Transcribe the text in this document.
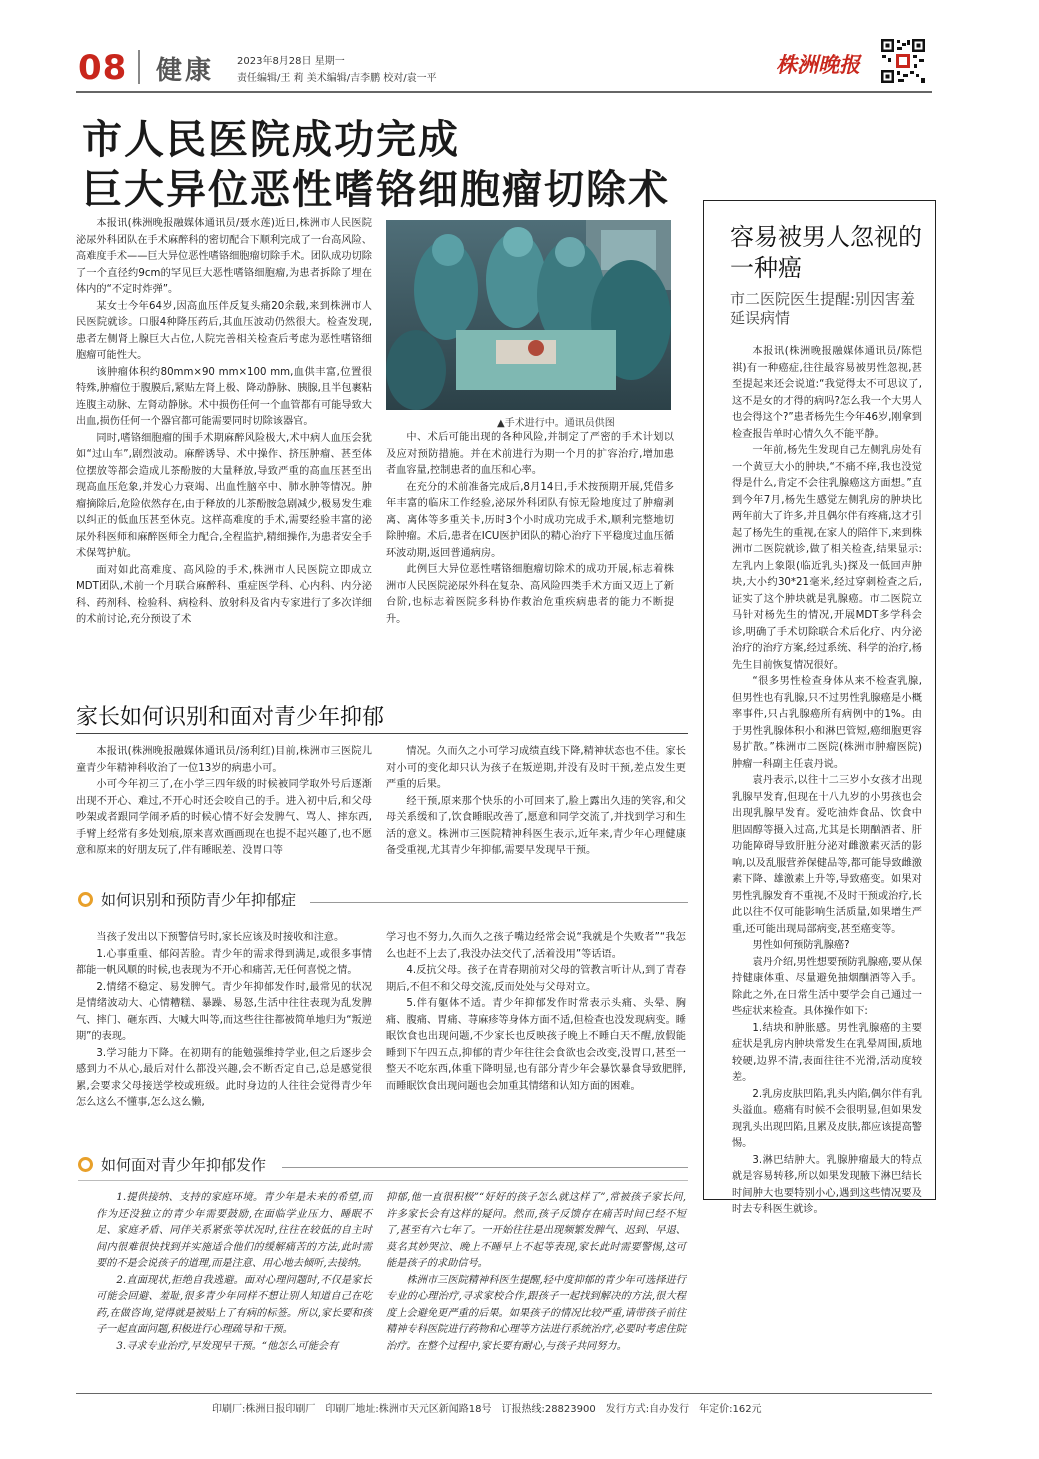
08 健康 2023年8月28日 星期一
责任编辑/王 莉 美术编辑/吉李鹏 校对/袁一平
株洲晚报
市人民医院成功完成
巨大异位恶性嗜铬细胞瘤切除术

本报讯(株洲晚报融媒体通讯员/聂水莲)近日,株洲市人民医院泌尿外科团队在手术麻醉科的密切配合下顺利完成了一台高风险、高难度手术——巨大异位恶性嗜铬细胞瘤切除手术。团队成功切除了一个直径约9cm的罕见巨大恶性嗜铬细胞瘤,为患者拆除了埋在体内的“不定时炸弹”。

某女士今年64岁,因高血压伴反复头痛20余载,来到株洲市人民医院就诊。口服4种降压药后,其血压波动仍然很大。检查发现,患者左侧肾上腺巨大占位,人院完善相关检查后考虑为恶性嗜铬细胞瘤可能性大。

该肿瘤体积约80mm×90 mm×100 mm,血供丰富,位置很特殊,肿瘤位于腹膜后,紧贴左肾上极、降动静脉、胰腺,且半包裹粘连腹主动脉、左肾动静脉。术中损伤任何一个血管都有可能导致大出血,损伤任何一个器官都可能需要同时切除该器官。

同时,嗜铬细胞瘤的围手术期麻醉风险极大,术中病人血压会犹如“过山车”,剧烈波动。麻醉诱导、术中操作、挤压肿瘤、甚至体位摆放等都会造成儿茶酚胺的大量释放,导致严重的高血压甚至出现高血压危象,并发心力衰竭、出血性脑卒中、肺水肿等情况。肿瘤摘除后,危险依然存在,由于释放的儿茶酚胺急剧减少,极易发生难以纠正的低血压甚至休克。这样高难度的手术,需要经验丰富的泌尿外科医师和麻醉医师全力配合,全程监护,精细操作,为患者安全手术保驾护航。

面对如此高难度、高风险的手术,株洲市人民医院立即成立MDT团队,术前一个月联合麻醉科、重症医学科、心内科、内分泌科、药剂科、检验科、病检科、放射科及省内专家进行了多次详细的术前讨论,充分预设了术

▲手术进行中。通讯员供图

中、术后可能出现的各种风险,并制定了严密的手术计划以及应对预防措施。并在术前进行为期一个月的扩容治疗,增加患者血容量,控制患者的血压和心率。

在充分的术前准备完成后,8月14日,手术按预期开展,凭借多年丰富的临床工作经验,泌尿外科团队有惊无险地度过了肿瘤剥离、离体等多重关卡,历时3个小时成功完成手术,顺利完整地切除肿瘤。术后,患者在ICU医护团队的精心治疗下平稳度过血压循环波动期,返回普通病房。

此例巨大异位恶性嗜铬细胞瘤切除术的成功开展,标志着株洲市人民医院泌尿外科在复杂、高风险四类手术方面又迈上了新台阶,也标志着医院多科协作救治危重疾病患者的能力不断提升。

容易被男人忽视的一种癌
市二医院医生提醒:别因害羞延误病情

本报讯(株洲晚报融媒体通讯员/陈恺祺)有一种癌症,往往最容易被男性忽视,甚至提起来还会说道:“我觉得太不可思议了,这不是女的才得的病吗?怎么我一个大男人也会得这个?”患者杨先生今年46岁,刚拿到检查报告单时心情久久不能平静。

一年前,杨先生发现自己左侧乳房处有一个黄豆大小的肿块,“不痛不痒,我也没觉得是什么,肯定不会往乳腺癌这方面想。”直到今年7月,杨先生感觉左侧乳房的肿块比两年前大了许多,并且偶尔伴有疼痛,这才引起了杨先生的重视,在家人的陪伴下,来到株洲市二医院就诊,做了相关检查,结果显示:左乳内上象限(临近乳头)探及一低回声肿块,大小约30*21毫米,经过穿刺检查之后,证实了这个肿块就是乳腺癌。市二医院立马针对杨先生的情况,开展MDT多学科会诊,明确了手术切除联合术后化疗、内分泌治疗的治疗方案,经过系统、科学的治疗,杨先生目前恢复情况很好。

“很多男性检查身体从来不检查乳腺,但男性也有乳腺,只不过男性乳腺癌是小概率事件,只占乳腺癌所有病例中的1%。由于男性乳腺体积小和淋巴管短,癌细胞更容易扩散。”株洲市二医院(株洲市肿瘤医院)肿瘤一科副主任袁丹说。

袁丹表示,以往十二三岁小女孩才出现乳腺早发育,但现在十八九岁的小男孩也会出现乳腺早发育。爱吃油炸食品、饮食中胆固醇等摄入过高,尤其是长期酗酒者、肝功能障碍导致肝脏分泌对雌激素灭活的影响,以及乱服营养保健品等,都可能导致雌激素下降、雄激素上升等,导致癌变。如果对男性乳腺发育不重视,不及时干预或治疗,长此以往不仅可能影响生活质量,如果增生严重,还可能出现局部病变,甚至癌变等。

男性如何预防乳腺癌?

袁丹介绍,男性想要预防乳腺癌,要从保持健康体重、尽量避免抽烟酗酒等入手。除此之外,在日常生活中要学会自己通过一些症状来检查。具体操作如下:

1.结块和肿胀感。男性乳腺癌的主要症状是乳房内肿块常发生在乳晕周围,质地较硬,边界不清,表面往往不光滑,活动度较差。

2.乳房皮肤凹陷,乳头内陷,偶尔伴有乳头溢血。癌痛有时候不会很明显,但如果发现乳头出现凹陷,且累及皮肤,都应该提高警惕。

3.淋巴结肿大。乳腺肿瘤最大的特点就是容易转移,所以如果发现腋下淋巴结长时间肿大也要特别小心,遇到这些情况要及时去专科医生就诊。

家长如何识别和面对青少年抑郁

本报讯(株洲晚报融媒体通讯员/汤利红)目前,株洲市三医院儿童青少年精神科收治了一位13岁的病患小可。

小可今年初三了,在小学三四年级的时候被同学取外号后逐渐出现不开心、难过,不开心时还会咬自己的手。进入初中后,和父母吵架或者跟同学闹矛盾的时候心情不好会发脾气、骂人、摔东西,手臂上经常有多处划痕,原来喜欢画画现在也提不起兴趣了,也不愿意和原来的好朋友玩了,伴有睡眠差、没胃口等

情况。久而久之小可学习成绩直线下降,精神状态也不佳。家长对小可的变化却只认为孩子在叛逆期,并没有及时干预,差点发生更严重的后果。

经干预,原来那个快乐的小可回来了,脸上露出久违的笑容,和父母关系缓和了,饮食睡眠改善了,愿意和同学交流了,并找到学习和生活的意义。株洲市三医院精神科医生表示,近年来,青少年心理健康备受重视,尤其青少年抑郁,需要早发现早干预。

如何识别和预防青少年抑郁症

当孩子发出以下预警信号时,家长应该及时接收和注意。

1.心事重重、郁闷苦脸。青少年的需求得到满足,或很多事情都能一帆风顺的时候,也表现为不开心和痛苦,无任何喜悦之情。

2.情绪不稳定、易发脾气。青少年抑郁发作时,最常见的状况是情绪波动大、心情糟糕、暴躁、易怒,生活中往往表现为乱发脾气、摔门、砸东西、大喊大叫等,而这些往往都被简单地归为“叛逆期”的表现。

3.学习能力下降。在初期有的能勉强维持学业,但之后逐步会感到力不从心,最后对什么都没兴趣,会不断否定自己,总是感觉很累,会要求父母接送学校或班级。此时身边的人往往会觉得青少年怎么这么不懂事,怎么这么懒,

学习也不努力,久而久之孩子嘴边经常会说“我就是个失败者”“我怎么也赶不上去了,我没办法交代了,活着没用”等话语。

4.反抗父母。孩子在青春期前对父母的管教言听计从,到了青春期后,不但不和父母交流,反而处处与父母对立。

5.伴有躯体不适。青少年抑郁发作时常表示头痛、头晕、胸痛、腹痛、胃痛、荨麻疹等身体方面不适,但检查也没发现病变。睡眠饮食也出现问题,不少家长也反映孩子晚上不睡白天不醒,放假能睡到下午四五点,抑郁的青少年往往会食欲也会改变,没胃口,甚至一整天不吃东西,体重下降明显,也有部分青少年会暴饮暴食导致肥胖,而睡眠饮食出现问题也会加重其情绪和认知方面的困难。

如何面对青少年抑郁发作

1.提供接纳、支持的家庭环境。青少年是未来的希望,而作为还没独立的青少年需要鼓励,在面临学业压力、睡眠不足、家庭矛盾、同伴关系紧张等状况时,往往在较低的自主时间内很难很快找到并实施适合他们的缓解痛苦的方法,此时需要的不是会说孩子的道理,而是注意、用心地去倾听,去接纳。

2.直面现状,拒绝自我逃避。面对心理问题时,不仅是家长可能会回避、羞耻,很多青少年同样不想让别人知道自己在吃药,在做咨询,觉得就是被贴上了有病的标签。所以,家长要和孩子一起直面问题,积极进行心理疏导和干预。

3.寻求专业治疗,早发现早干预。“他怎么可能会有

抑郁,他一直很积极”“好好的孩子怎么就这样了”,常被孩子家长问,许多家长会有这样的疑问。然而,孩子反馈存在痛苦时间已经不短了,甚至有六七年了。一开始往往是出现频繁发脾气、迟到、早退、莫名其妙哭泣、晚上不睡早上不起等表现,家长此时需要警惕,这可能是孩子的求助信号。

株洲市三医院精神科医生提醒,轻中度抑郁的青少年可选择进行专业的心理治疗,寻求家校合作,跟孩子一起找到解决的方法,很大程度上会避免更严重的后果。如果孩子的情况比较严重,请带孩子前往精神专科医院进行药物和心理等方法进行系统治疗,必要时考虑住院治疗。在整个过程中,家长要有耐心,与孩子共同努力。

印刷厂:株洲日报印刷厂　印刷厂地址:株洲市天元区新闻路18号　订报热线:28823900　发行方式:自办发行　年定价:162元
